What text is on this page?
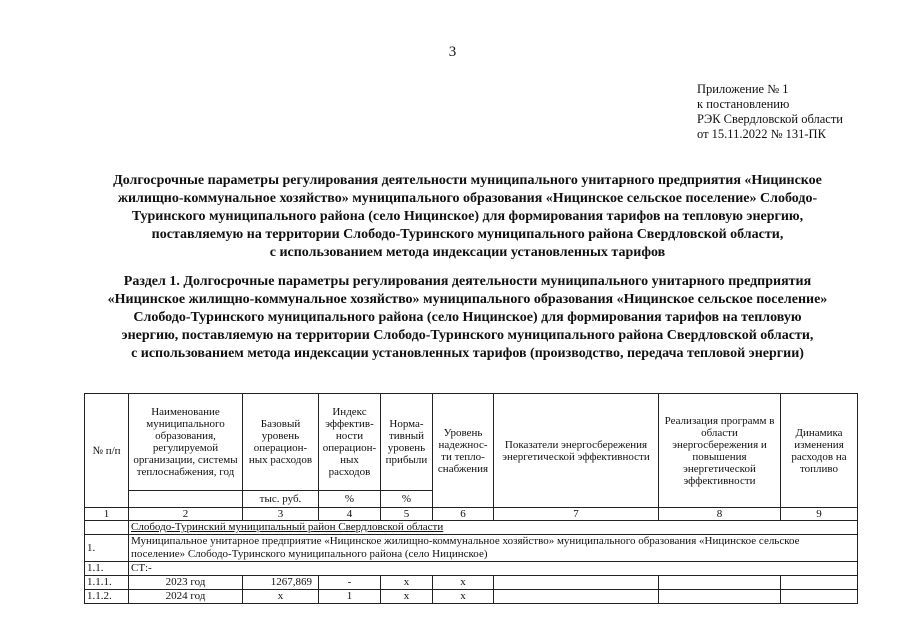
3
Приложение № 1
к постановлению
РЭК Свердловской области
от 15.11.2022 № 131-ПК
Долгосрочные параметры регулирования деятельности муниципального унитарного предприятия «Ницинское
жилищно-коммунальное хозяйство» муниципального образования «Ницинское сельское поселение» Слободо-
Туринского муниципального района (село Ницинское) для формирования тарифов на тепловую энергию,
поставляемую на территории Слободо-Туринского муниципального района Свердловской области,
с использованием метода индексации установленных тарифов
Раздел 1. Долгосрочные параметры регулирования деятельности муниципального унитарного предприятия
«Ницинское жилищно-коммунальное хозяйство» муниципального образования «Ницинское сельское поселение»
Слободо-Туринского муниципального района (село Ницинское) для формирования тарифов на тепловую
энергию, поставляемую на территории Слободо-Туринского муниципального района Свердловской области,
с использованием метода индексации установленных тарифов (производство, передача тепловой энергии)
№ п/п	Наименование муниципального образования, регулируемой организации, системы теплоснабжения, год	Базовый уровень операцион-ных расходов	Индекс эффектив-ности операцион-ных расходов	Норма-тивный уровень прибыли	Уровень надежнос-ти тепло-снабжения	Показатели энергосбережения энергетической эффективности	Реализация программ в области энергосбережения и повышения энергетической эффективности	Динамика изменения расходов на топливо
		тыс. руб.	%	%				
1	2	3	4	5	6	7	8	9
	Слободо-Туринский муниципальный район Свердловской области							
1.	Муниципальное унитарное предприятие «Ницинское жилищно-коммунальное хозяйство» муниципального образования «Ницинское сельское поселение» Слободо-Туринского муниципального района (село Ницинское)							
1.1.	СТ:-							
1.1.1.	2023 год	1267,869	-	х	х			
1.1.2.	2024 год	х	1	х	х			
